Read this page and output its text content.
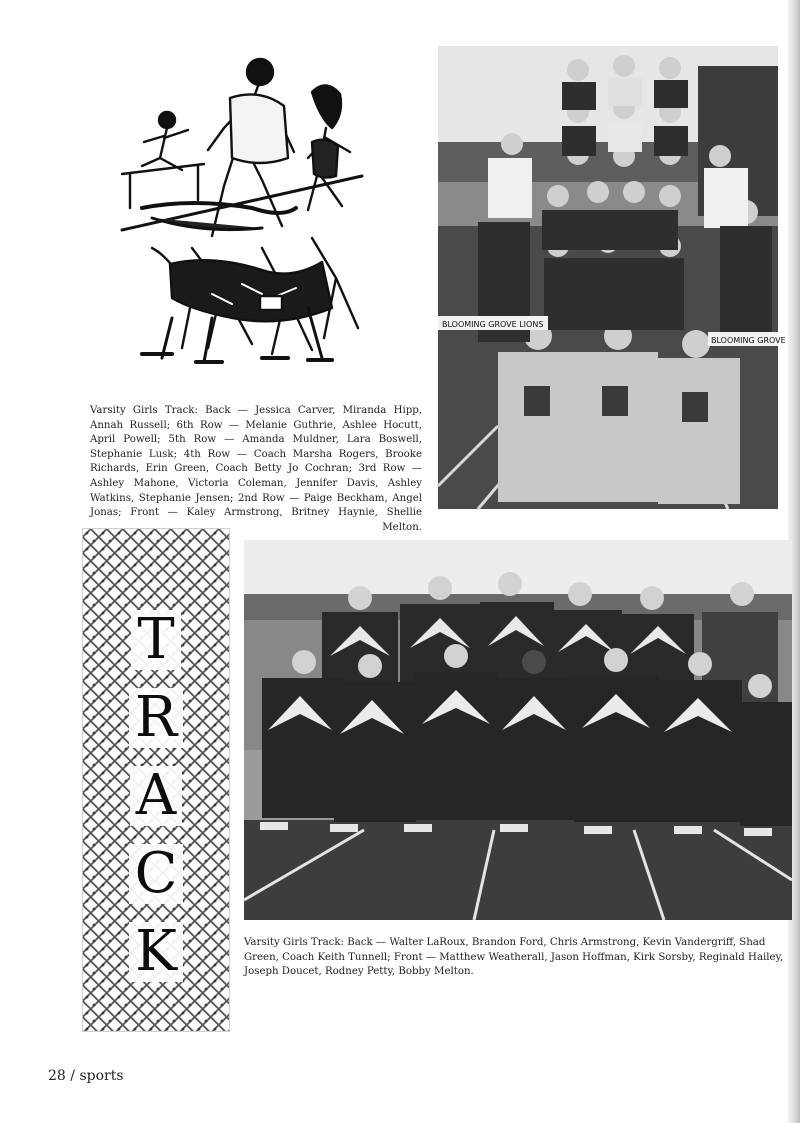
BLOOMING GROVE LIONS
BLOOMING GROVE
Varsity Girls Track: Back — Jessica Carver, Miranda Hipp, Annah Russell; 6th Row — Melanie Guthrie, Ashlee Hocutt, April Powell; 5th Row — Amanda Muldner, Lara Boswell, Stephanie Lusk; 4th Row — Coach Marsha Rogers, Brooke Richards, Erin Green, Coach Betty Jo Cochran; 3rd Row — Ashley Mahone, Victoria Coleman, Jennifer Davis, Ashley Watkins, Stephanie Jensen; 2nd Row — Paige Beckham, Angel Jonas; Front — Kaley Armstrong, Britney Haynie, Shellie Melton.
T
R
A
C
K	Varsity Girls Track: Back — Walter LaRoux, Brandon Ford, Chris Armstrong, Kevin Vandergriff, Shad Green, Coach Keith Tunnell; Front — Matthew Weatherall, Jason Hoffman, Kirk Sorsby, Reginald Hailey, Joseph Doucet, Rodney Petty, Bobby Melton.
28 / sports
